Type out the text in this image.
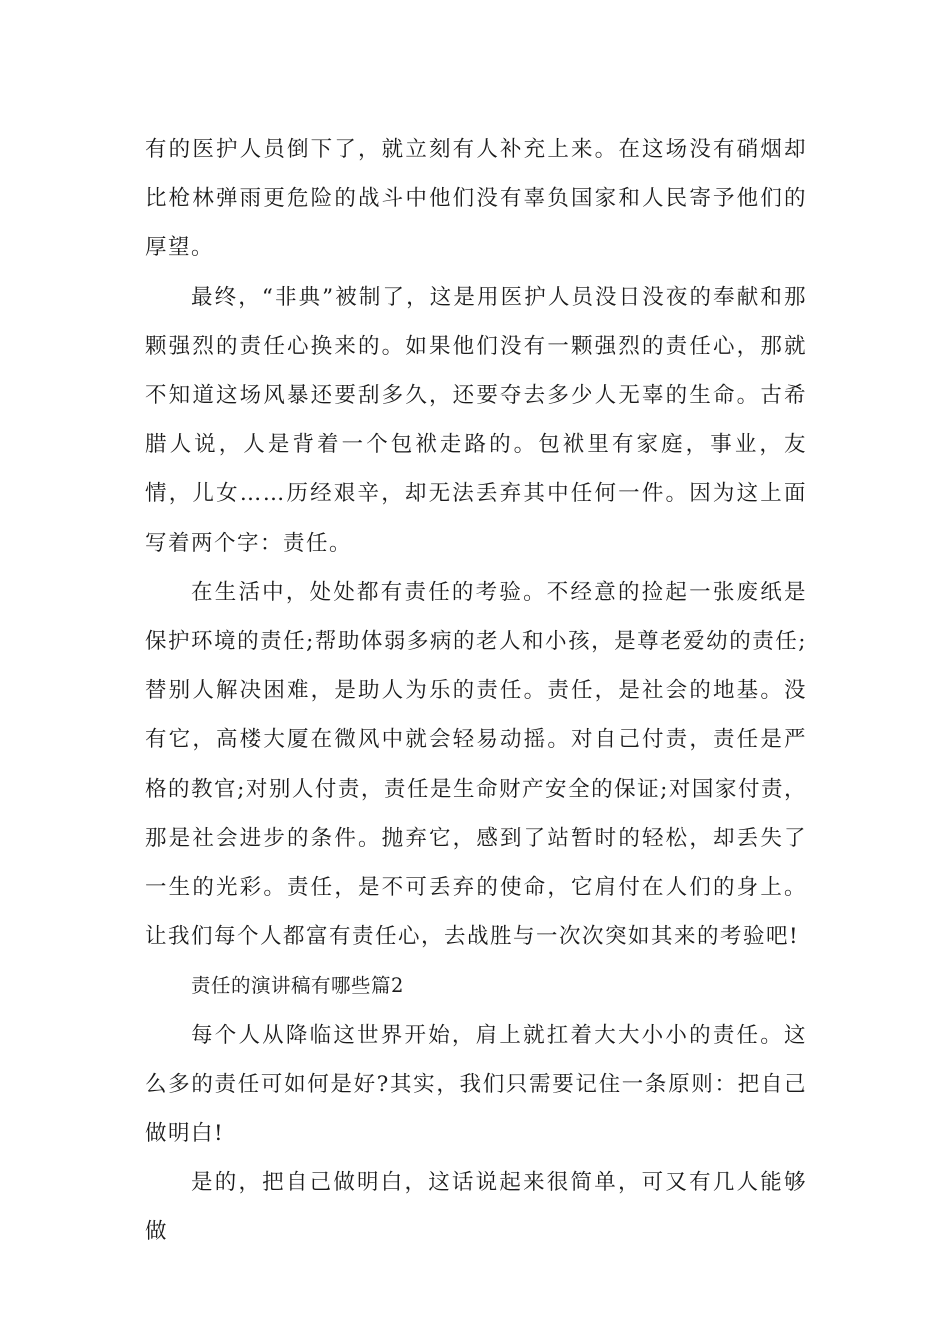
有的医护人员倒下了，就立刻有人补充上来。在这场没有硝烟却比枪林弹雨更危险的战斗中他们没有辜负国家和人民寄予他们的厚望。

最终，“非典”被制了，这是用医护人员没日没夜的奉献和那颗强烈的责任心换来的。如果他们没有一颗强烈的责任心，那就不知道这场风暴还要刮多久，还要夺去多少人无辜的生命。古希腊人说，人是背着一个包袱走路的。包袱里有家庭，事业，友情，儿女……历经艰辛，却无法丢弃其中任何一件。因为这上面写着两个字：责任。

在生活中，处处都有责任的考验。不经意的捡起一张废纸是保护环境的责任;帮助体弱多病的老人和小孩，是尊老爱幼的责任;替别人解决困难，是助人为乐的责任。责任，是社会的地基。没有它，高楼大厦在微风中就会轻易动摇。对自己付责，责任是严格的教官;对别人付责，责任是生命财产安全的保证;对国家付责，那是社会进步的条件。抛弃它，感到了站暂时的轻松，却丢失了一生的光彩。责任，是不可丢弃的使命，它肩付在人们的身上。让我们每个人都富有责任心，去战胜与一次次突如其来的考验吧!

责任的演讲稿有哪些篇2

每个人从降临这世界开始，肩上就扛着大大小小的责任。这么多的责任可如何是好?其实，我们只需要记住一条原则：把自己做明白!

是的，把自己做明白，这话说起来很简单，可又有几人能够做
